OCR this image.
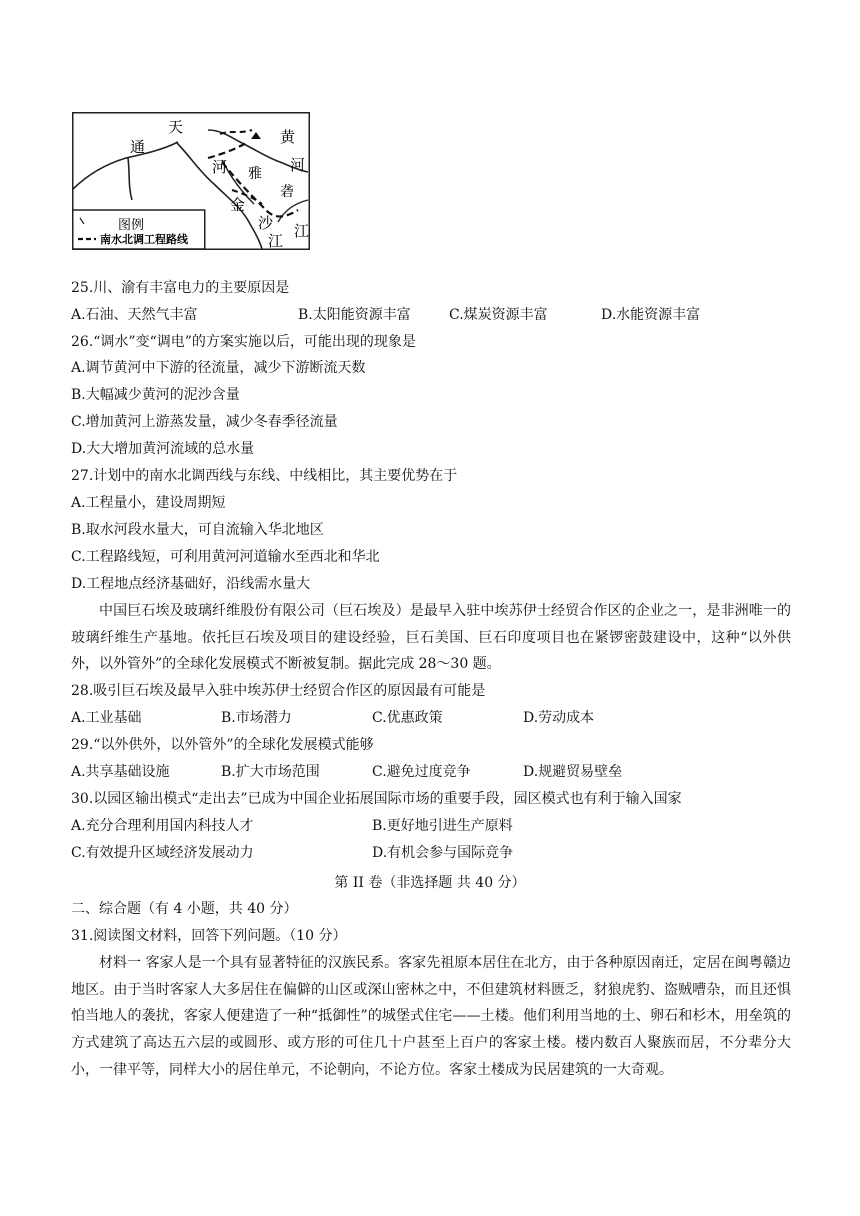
图例
南水北调工程路线
天
通
河
黄
河
雅
砻
金
沙
江
江
25.川、渝有丰富电力的主要原因是
A.石油、天然气丰富	B.太阳能资源丰富	C.煤炭资源丰富	D.水能资源丰富
26.“调水”变“调电”的方案实施以后，可能出现的现象是
A.调节黄河中下游的径流量，减少下游断流天数
B.大幅减少黄河的泥沙含量
C.增加黄河上游蒸发量，减少冬春季径流量
D.大大增加黄河流域的总水量
27.计划中的南水北调西线与东线、中线相比，其主要优势在于
A.工程量小，建设周期短
B.取水河段水量大，可自流输入华北地区
C.工程路线短，可利用黄河河道输水至西北和华北
D.工程地点经济基础好，沿线需水量大
中国巨石埃及玻璃纤维股份有限公司（巨石埃及）是最早入驻中埃苏伊士经贸合作区的企业之一，是非洲唯一的玻璃纤维生产基地。依托巨石埃及项目的建设经验，巨石美国、巨石印度项目也在紧锣密鼓建设中，这种“以外供外，以外管外”的全球化发展模式不断被复制。据此完成 28～30 题。
28.吸引巨石埃及最早入驻中埃苏伊士经贸合作区的原因最有可能是
A.工业基础	B.市场潜力	C.优惠政策	D.劳动成本
29.“以外供外，以外管外”的全球化发展模式能够
A.共享基础设施	B.扩大市场范围	C.避免过度竞争	D.规避贸易壁垒
30.以园区输出模式“走出去”已成为中国企业拓展国际市场的重要手段，园区模式也有利于输入国家
A.充分合理利用国内科技人才	B.更好地引进生产原料
C.有效提升区域经济发展动力	D.有机会参与国际竞争
第 II 卷（非选择题 共 40 分）
二、综合题（有 4 小题，共 40 分）
31.阅读图文材料，回答下列问题。（10 分）
材料一 客家人是一个具有显著特征的汉族民系。客家先祖原本居住在北方，由于各种原因南迁，定居在闽粤赣边地区。由于当时客家人大多居住在偏僻的山区或深山密林之中，不但建筑材料匮乏，豺狼虎豹、盗贼嘈杂，而且还惧怕当地人的袭扰，客家人便建造了一种“抵御性”的城堡式住宅——土楼。他们利用当地的土、卵石和杉木，用垒筑的方式建筑了高达五六层的或圆形、或方形的可住几十户甚至上百户的客家土楼。楼内数百人聚族而居，不分辈分大小，一律平等，同样大小的居住单元，不论朝向，不论方位。客家土楼成为民居建筑的一大奇观。
